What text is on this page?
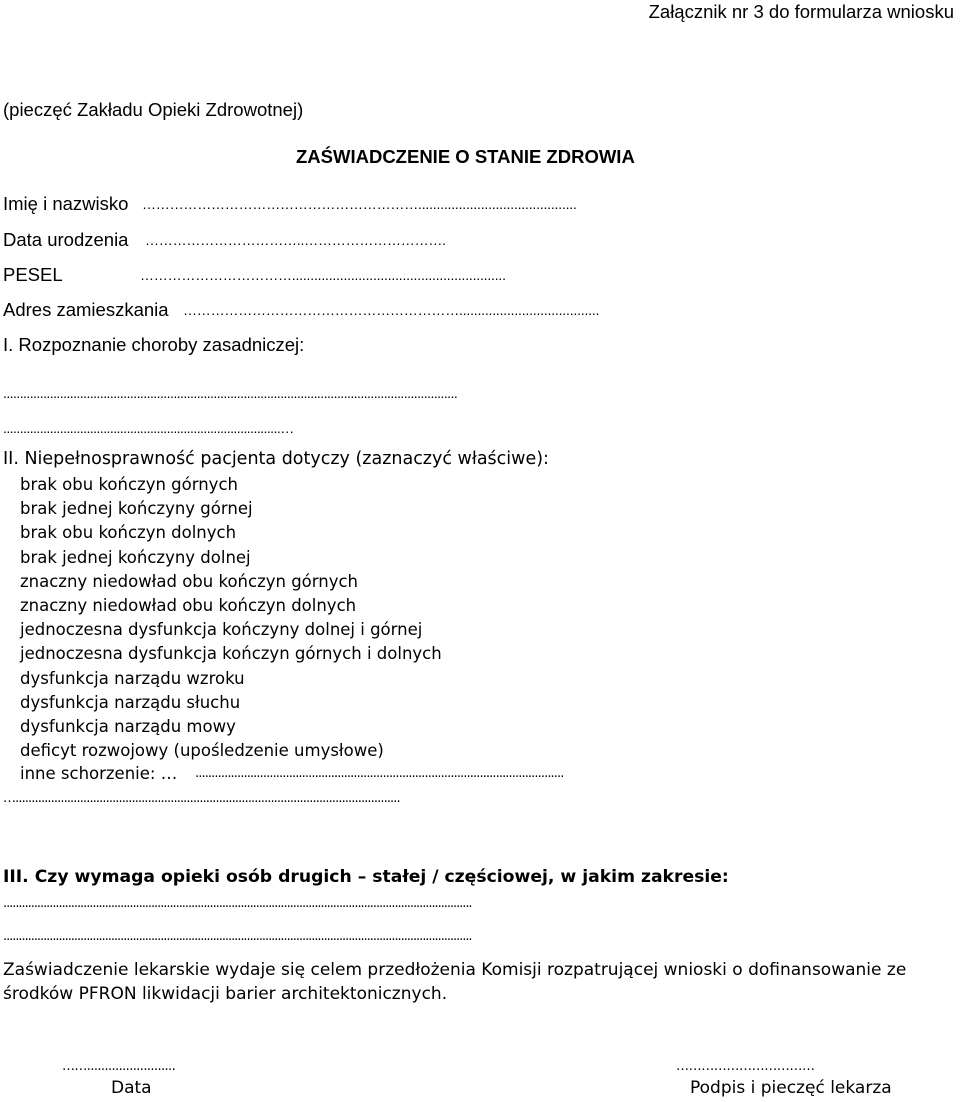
Załącznik nr 3 do formularza wniosku

(pieczęć Zakładu Opieki Zdrowotnej)

ZAŚWIADCZENIE O STANIE ZDROWIA

Imię i nazwisko ……………………………………………………...........................................

Data urodzenia ……………………………..………………………….

PESEL	……………………………..........................................................

Adres zamieszkania ……………………………………………………......................................

I. Rozpoznanie choroby zasadniczej:

........................................................................................................................................

...................................................................................…

II. Niepełnosprawność pacjenta dotyczy (zaznaczyć właściwe):

brak obu kończyn górnych
brak jednej kończyny górnej
brak obu kończyn dolnych
brak jednej kończyny dolnej
znaczny niedowład obu kończyn górnych
znaczny niedowład obu kończyn dolnych
jednoczesna dysfunkcja kończyny dolnej i górnej
jednoczesna dysfunkcja kończyn górnych i dolnych
dysfunkcja narządu wzroku
dysfunkcja narządu słuchu
dysfunkcja narządu mowy
deficyt rozwojowy (upośledzenie umysłowe)

inne schorzenie: … ..................................................................................................................

….......................................................................................................................

III. Czy wymaga opieki osób drugich – stałej / częściowej, w jakim zakresie:

........................................................................................................................................................

........................................................................................................................................................

Zaświadczenie lekarskie wydaje się celem przedłożenia Komisji rozpatrującej wnioski o dofinansowanie ze

środków PFRON likwidacji barier architektonicznych.

…….........................

Data

……………………………

Podpis i pieczęć lekarza
